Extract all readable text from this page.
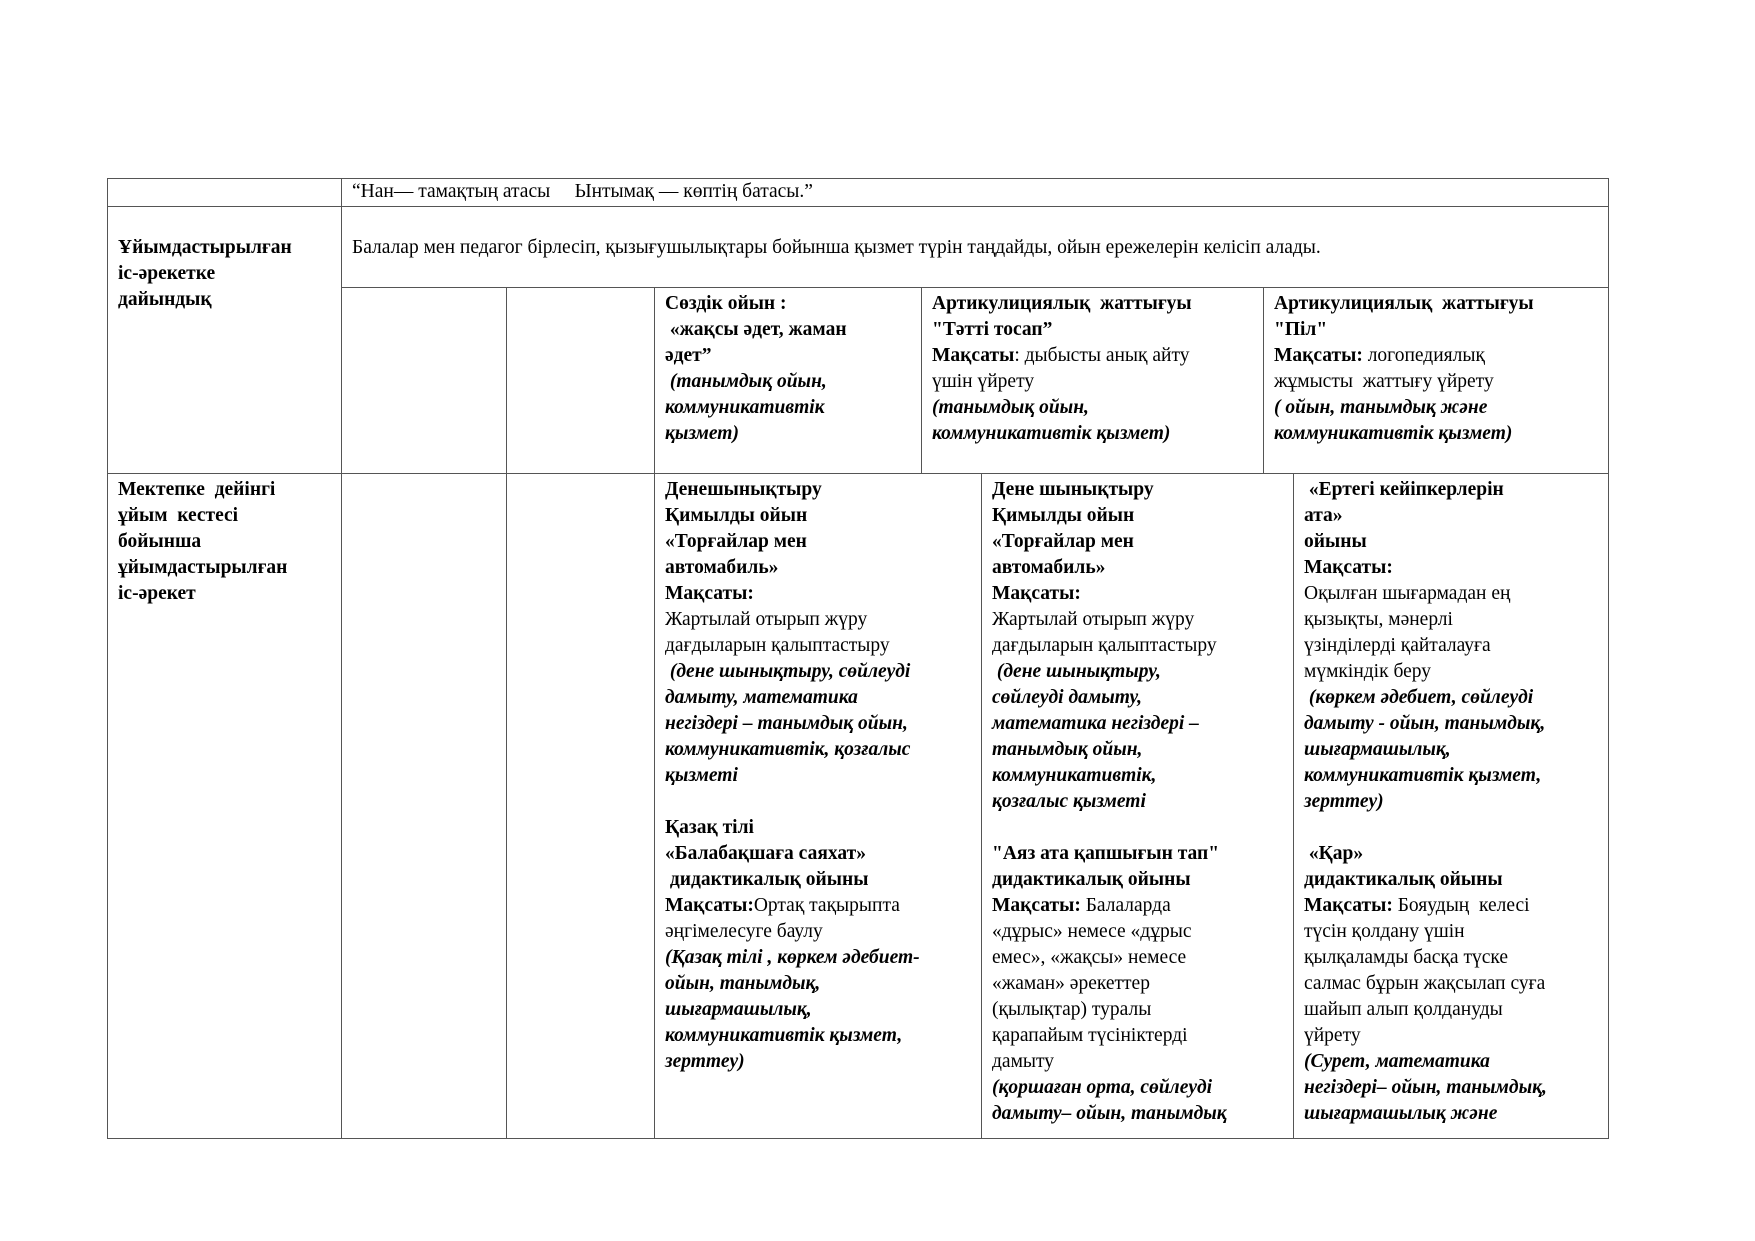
“Нан— тамақтың атасы     Ынтымақ — көптің батасы.”
Ұйымдастырылған
іс-әрекетке
дайындық
Балалар мен педагог бірлесіп, қызығушылықтары бойынша қызмет түрін таңдайды, ойын ережелерін келісіп алады.
Сөздік ойын :
«жақсы әдет, жаман
әдет”
(танымдық ойын,
коммуникативтік
қызмет)
Артикулициялық  жаттығуы
"Тәтті тосап”
Мақсаты: дыбысты анық айту
үшін үйрету
(танымдық ойын,
коммуникативтік қызмет)
Артикулициялық  жаттығуы
"Піл"
Мақсаты: логопедиялық
жұмысты  жаттығу үйрету
( ойын, танымдық және
коммуникативтік қызмет)
Мектепке  дейінгі
ұйым  кестесі
бойынша
ұйымдастырылған
іс-әрекет
Денешынықтыру
Қимылды ойын
«Торғайлар мен
автомабиль»
Мақсаты:
Жартылай отырып жүру
дағдыларын қалыптастыру
(дене шынықтыру, сөйлеуді
дамыту, математика
негіздері – танымдық ойын,
коммуникативтік, қозғалыс
қызметі
Қазақ тілі
«Балабақшаға саяхат»
дидактикалық ойыны
Мақсаты:Ортақ тақырыпта
әңгімелесуге баулу
(Қазақ тілі , көркем әдебиет-
ойын, танымдық,
шығармашылық,
коммуникативтік қызмет,
зерттеу)
Дене шынықтыру
Қимылды ойын
«Торғайлар мен
автомабиль»
Мақсаты:
Жартылай отырып жүру
дағдыларын қалыптастыру
(дене шынықтыру,
сөйлеуді дамыту,
математика негіздері –
танымдық ойын,
коммуникативтік,
қозғалыс қызметі
"Аяз ата қапшығын тап"
дидактикалық ойыны
Мақсаты: Балаларда
«дұрыс» немесе «дұрыс
емес», «жақсы» немесе
«жаман» әрекеттер
(қылықтар) туралы
қарапайым түсініктерді
дамыту
(қоршаған орта, сөйлеуді
дамыту– ойын, танымдық
«Ертегі кейіпкерлерін
ата»
ойыны
Мақсаты:
Оқылған шығармадан ең
қызықты, мәнерлі
үзінділерді қайталауға
мүмкіндік беру
(көркем әдебиет, сөйлеуді
дамыту - ойын, танымдық,
шығармашылық,
коммуникативтік қызмет,
зерттеу)
«Қар»
дидактикалық ойыны
Мақсаты: Бояудың  келесі
түсін қолдану үшін
қылқаламды басқа түске
салмас бұрын жақсылап суға
шайып алып қолдануды
үйрету
(Сурет, математика
негіздері– ойын, танымдық,
шығармашылық және
